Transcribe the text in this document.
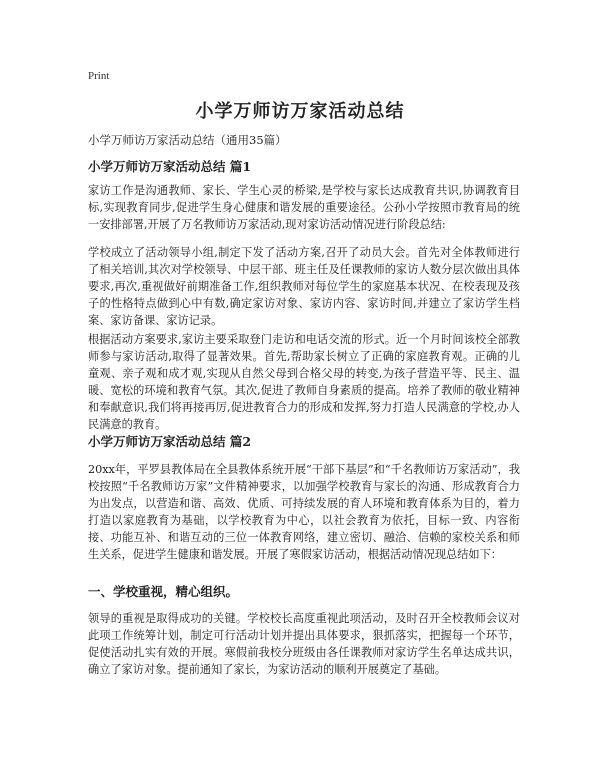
Print
小学万师访万家活动总结
小学万师访万家活动总结（通用35篇）
小学万师访万家活动总结 篇1
家访工作是沟通教师、家长、学生心灵的桥梁,是学校与家长达成教育共识,协调教育目标,实现教育同步,促进学生身心健康和谐发展的重要途径。公孙小学按照市教育局的统一安排部署,开展了万名教师访万家活动,现对家访活动情况进行阶段总结:
学校成立了活动领导小组,制定下发了活动方案,召开了动员大会。首先对全体教师进行了相关培训,其次对学校领导、中层干部、班主任及任课教师的家访人数分层次做出具体要求,再次,重视做好前期准备工作,组织教师对每位学生的家庭基本状况、在校表现及孩子的性格特点做到心中有数,确定家访对象、家访内容、家访时间,并建立了家访学生档案、家访备课、家访记录。
根据活动方案要求,家访主要采取登门走访和电话交流的形式。近一个月时间该校全部教师参与家访活动,取得了显著效果。首先,帮助家长树立了正确的家庭教育观。正确的儿童观、亲子观和成才观,实现从自然父母到合格父母的转变,为孩子营造平等、民主、温暖、宽松的环境和教育气氛。其次,促进了教师自身素质的提高。培养了教师的敬业精神和奉献意识,我们将再接再厉,促进教育合力的形成和发挥,努力打造人民满意的学校,办人民满意的教育。
小学万师访万家活动总结 篇2
20xx年，平罗县教体局在全县教体系统开展“干部下基层”和“千名教师访万家活动”，我校按照“千名教师访万家”文件精神要求，以加强学校教育与家长的沟通、形成教育合力为出发点，以营造和谐、高效、优质、可持续发展的育人环境和教育体系为目的，着力打造以家庭教育为基础，以学校教育为中心，以社会教育为依托，目标一致、内容衔接、功能互补、和谐互动的三位一体教育网络，建立密切、融洽、信赖的家校关系和师生关系，促进学生健康和谐发展。开展了寒假家访活动，根据活动情况现总结如下：
一、学校重视，精心组织。
领导的重视是取得成功的关键。学校校长高度重视此项活动，及时召开全校教师会议对此项工作统筹计划，制定可行活动计划并提出具体要求，狠抓落实，把握每一个环节，促使活动扎实有效的开展。寒假前我校分班级由各任课教师对家访学生名单达成共识，确立了家访对象。提前通知了家长，为家访活动的顺利开展奠定了基础。
